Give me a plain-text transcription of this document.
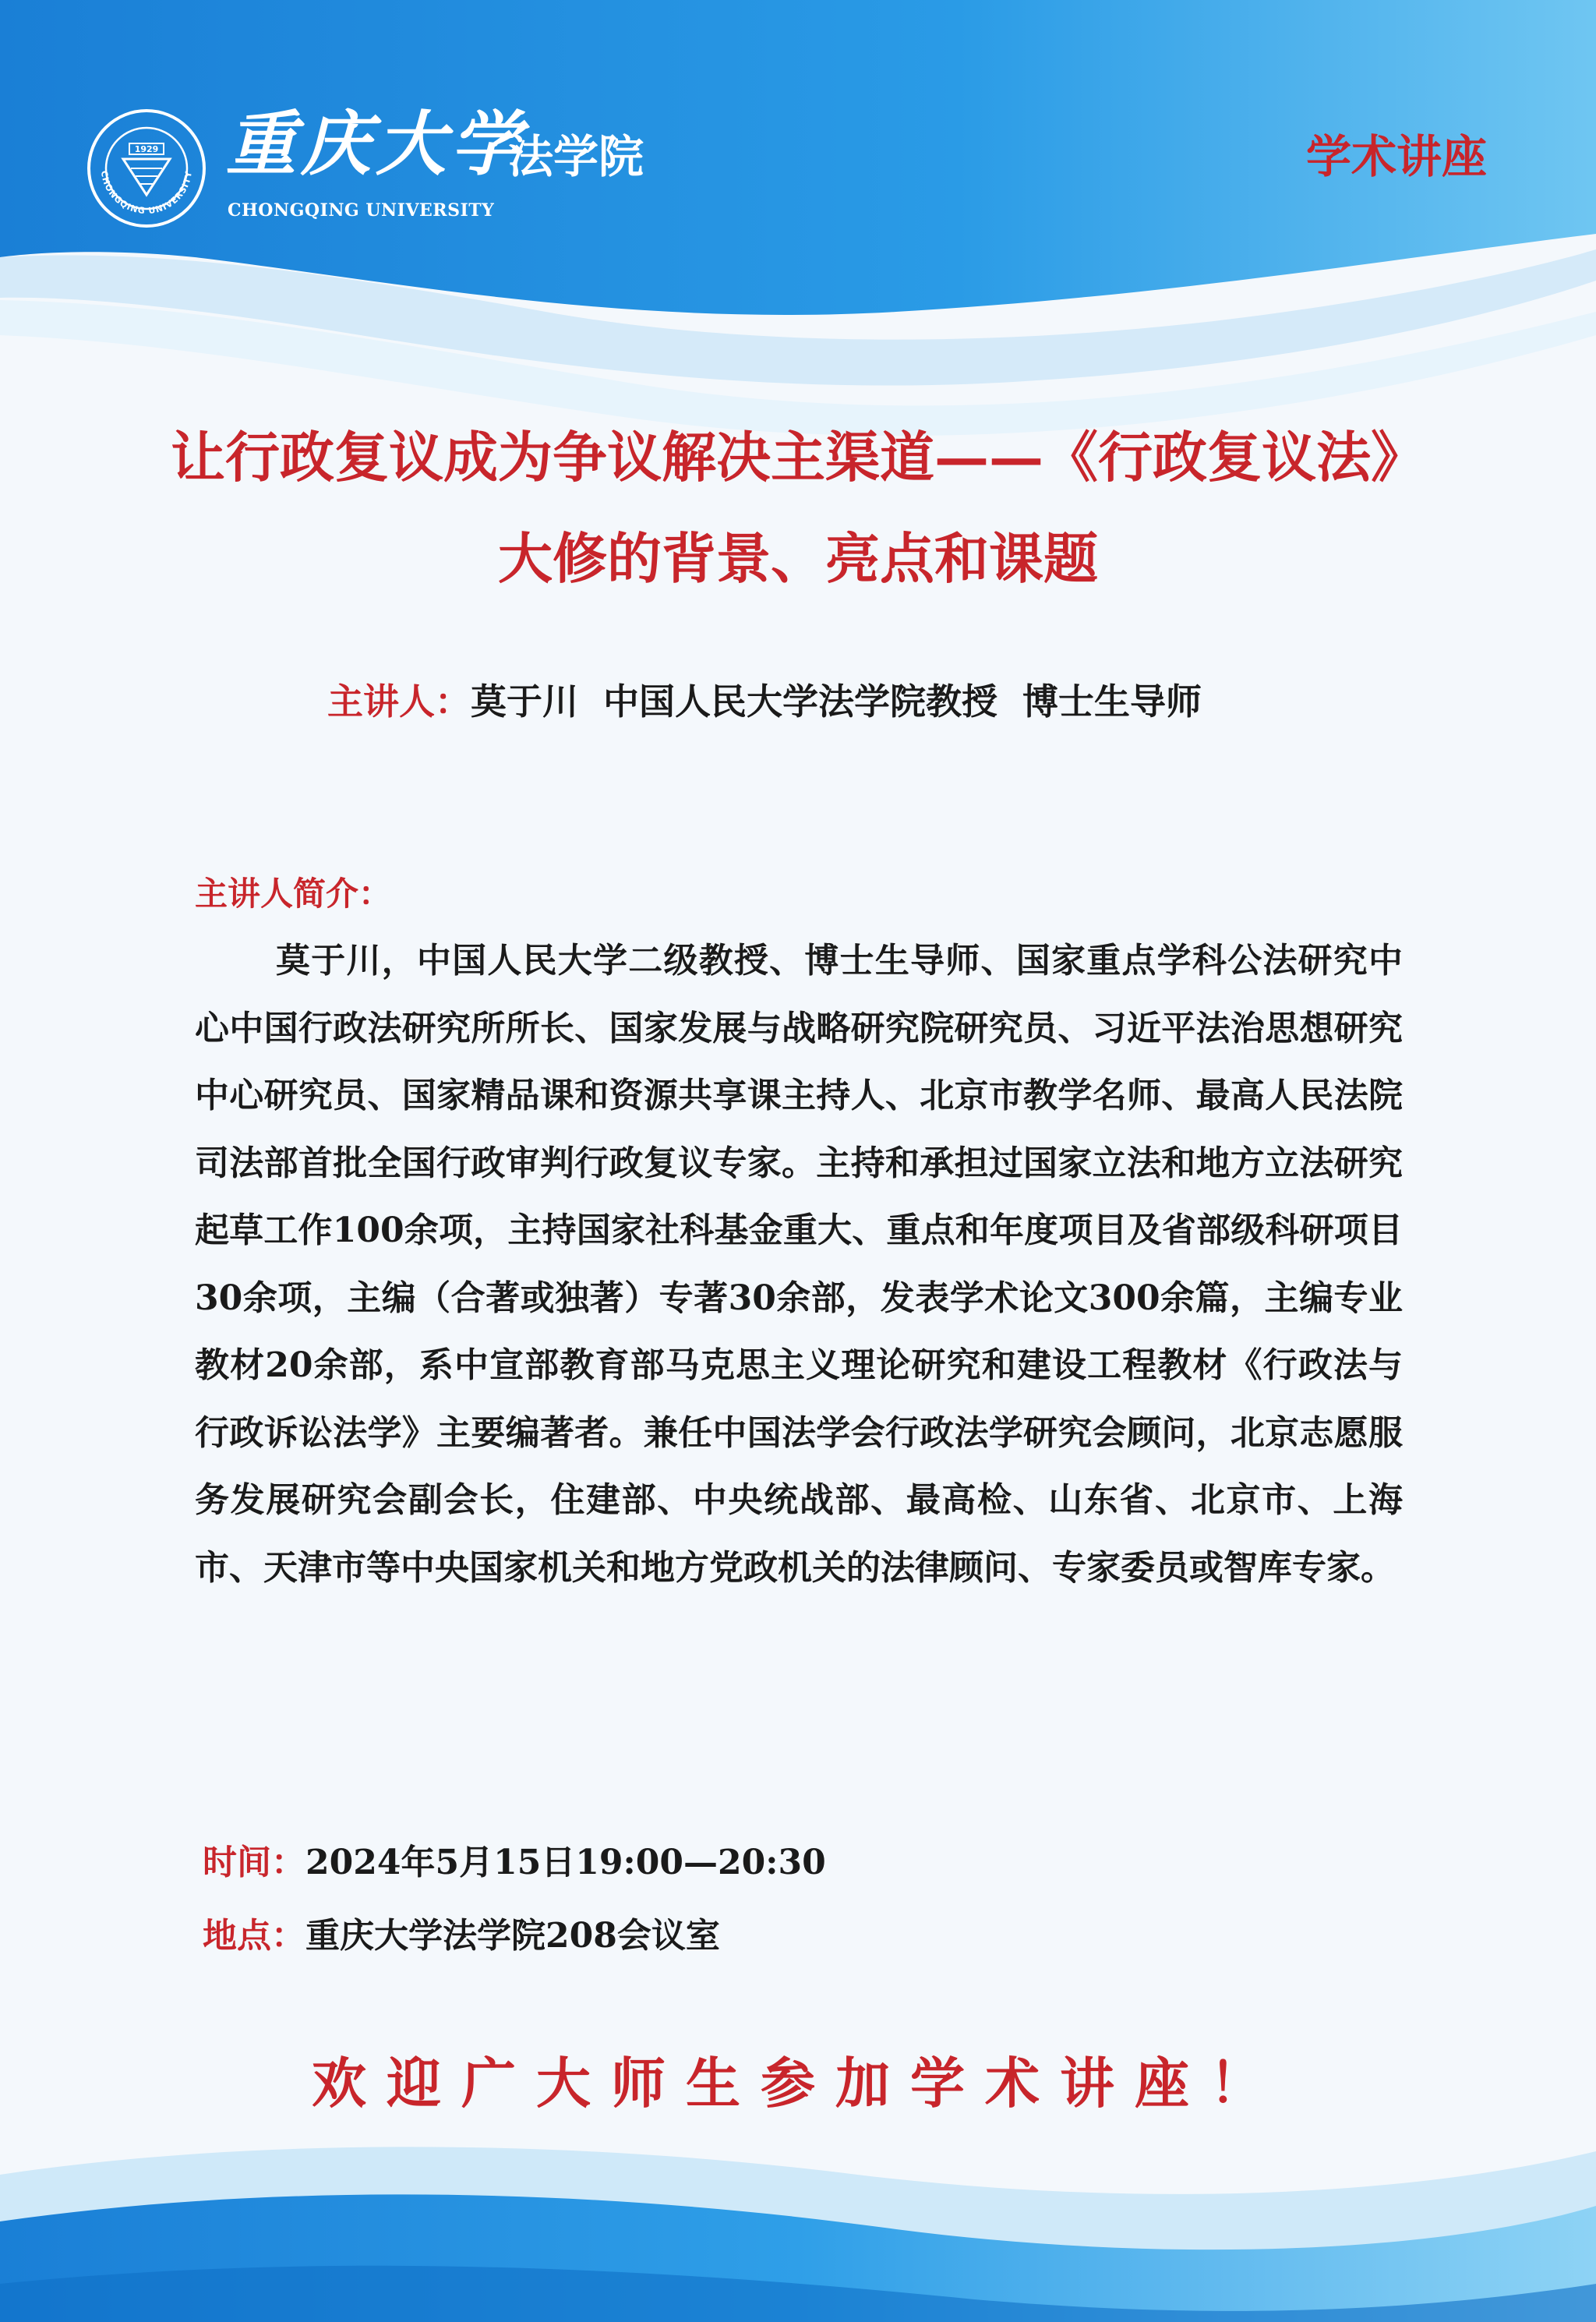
1929
CHONGQING UNIVERSITY 重庆大学
CHONGQING UNIVERSITY
法学院	学术讲座
让行政复议成为争议解决主渠道——《行政复议法》
大修的背景、亮点和课题
主讲人：莫于川  中国人民大学法学院教授  博士生导师
主讲人简介：
莫于川，中国人民大学二级教授、博士生导师、国家重点学科公法研究中心中国行政法研究所所长、国家发展与战略研究院研究员、习近平法治思想研究中心研究员、国家精品课和资源共享课主持人、北京市教学名师、最高人民法院司法部首批全国行政审判行政复议专家。主持和承担过国家立法和地方立法研究起草工作100余项，主持国家社科基金重大、重点和年度项目及省部级科研项目30余项，主编（合著或独著）专著30余部，发表学术论文300余篇，主编专业教材20余部，系中宣部教育部马克思主义理论研究和建设工程教材《行政法与行政诉讼法学》主要编著者。兼任中国法学会行政法学研究会顾问，北京志愿服务发展研究会副会长，住建部、中央统战部、最高检、山东省、北京市、上海市、天津市等中央国家机关和地方党政机关的法律顾问、专家委员或智库专家。
时间：2024年5月15日19:00—20:30
地点：重庆大学法学院208会议室
欢迎广大师生参加学术讲座！
